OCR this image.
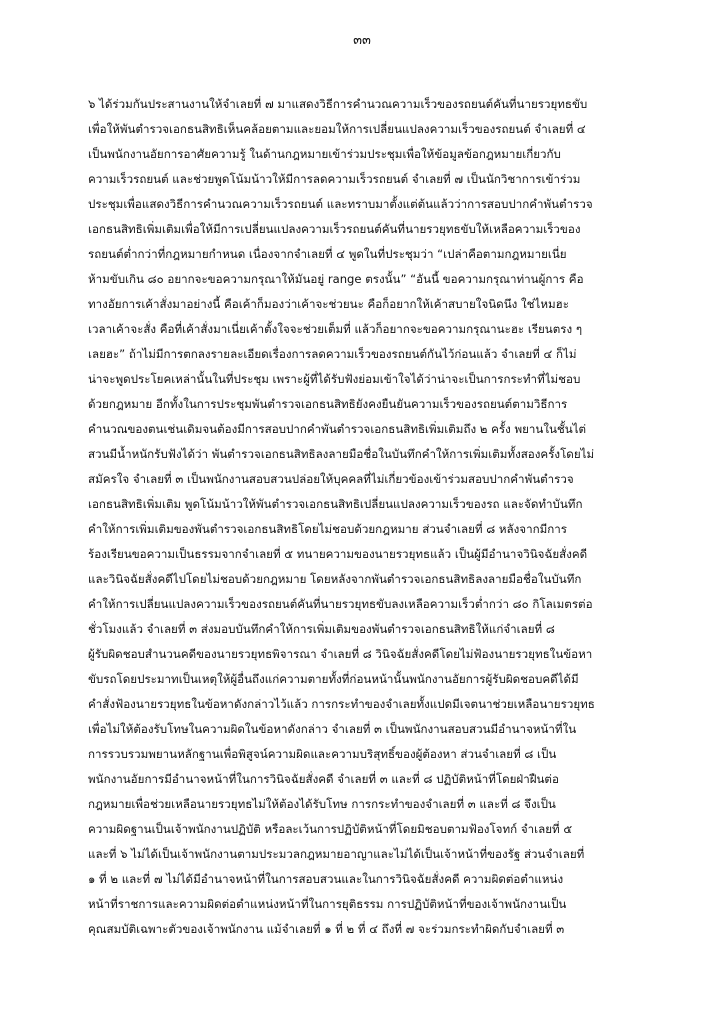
๓๓
๖ ได้ร่วมกันประสานงานให้จำเลยที่ ๗ มาแสดงวิธีการคำนวณความเร็วของรถยนต์คันที่นายรวยุทธขับ
เพื่อให้พันตำรวจเอกธนสิทธิเห็นคล้อยตามและยอมให้การเปลี่ยนแปลงความเร็วของรถยนต์ จำเลยที่ ๔
เป็นพนักงานอัยการอาศัยความรู้ ในด้านกฎหมายเข้าร่วมประชุมเพื่อให้ข้อมูลข้อกฎหมายเกี่ยวกับ
ความเร็วรถยนต์ และช่วยพูดโน้มน้าวให้มีการลดความเร็วรถยนต์ จำเลยที่ ๗ เป็นนักวิชาการเข้าร่วม
ประชุมเพื่อแสดงวิธีการคำนวณความเร็วรถยนต์ และทราบมาตั้งแต่ต้นแล้วว่าการสอบปากคำพันตำรวจ
เอกธนสิทธิเพิ่มเติมเพื่อให้มีการเปลี่ยนแปลงความเร็วรถยนต์คันที่นายรวยุทธขับให้เหลือความเร็วของ
รถยนต์ต่ำกว่าที่กฎหมายกำหนด เนื่องจากจำเลยที่ ๔ พูดในที่ประชุมว่า “เปล่าคือตามกฎหมายเนี่ย
ห้ามขับเกิน ๘๐ อยากจะขอความกรุณาให้มันอยู่ range ตรงนั้น” “อันนี้ ขอความกรุณาท่านผู้การ คือ
ทางอัยการเค้าสั่งมาอย่างนี้ คือเค้าก็มองว่าเค้าจะช่วยนะ คือก็อยากให้เค้าสบายใจนิดนึง ใช่ไหมฮะ
เวลาเค้าจะสั่ง คือที่เค้าสั่งมาเนี่ยเค้าตั้งใจจะช่วยเต็มที่ แล้วก็อยากจะขอความกรุณานะฮะ เรียนตรง ๆ
เลยฮะ” ถ้าไม่มีการตกลงรายละเอียดเรื่องการลดความเร็วของรถยนต์กันไว้ก่อนแล้ว จำเลยที่ ๔ ก็ไม่
น่าจะพูดประโยคเหล่านั้นในที่ประชุม เพราะผู้ที่ได้รับฟังย่อมเข้าใจได้ว่าน่าจะเป็นการกระทำที่ไม่ชอบ
ด้วยกฎหมาย อีกทั้งในการประชุมพันตำรวจเอกธนสิทธิยังคงยืนยันความเร็วของรถยนต์ตามวิธีการ
คำนวณของตนเช่นเดิมจนต้องมีการสอบปากคำพันตำรวจเอกธนสิทธิเพิ่มเติมถึง ๒ ครั้ง พยานในชั้นไต่
สวนมีน้ำหนักรับฟังได้ว่า พันตำรวจเอกธนสิทธิลงลายมือชื่อในบันทึกคำให้การเพิ่มเติมทั้งสองครั้งโดยไม่
สมัครใจ จำเลยที่ ๓ เป็นพนักงานสอบสวนปล่อยให้บุคคลที่ไม่เกี่ยวข้องเข้าร่วมสอบปากคำพันตำรวจ
เอกธนสิทธิเพิ่มเติม พูดโน้มน้าวให้พันตำรวจเอกธนสิทธิเปลี่ยนแปลงความเร็วของรถ และจัดทำบันทึก
คำให้การเพิ่มเติมของพันตำรวจเอกธนสิทธิโดยไม่ชอบด้วยกฎหมาย ส่วนจำเลยที่ ๘ หลังจากมีการ
ร้องเรียนขอความเป็นธรรมจากจำเลยที่ ๕ ทนายความของนายรวยุทธแล้ว เป็นผู้มีอำนาจวินิจฉัยสั่งคดี
และวินิจฉัยสั่งคดีไปโดยไม่ชอบด้วยกฎหมาย โดยหลังจากพันตำรวจเอกธนสิทธิลงลายมือชื่อในบันทึก
คำให้การเปลี่ยนแปลงความเร็วของรถยนต์คันที่นายรวยุทธขับลงเหลือความเร็วต่ำกว่า ๘๐ กิโลเมตรต่อ
ชั่วโมงแล้ว จำเลยที่ ๓ ส่งมอบบันทึกคำให้การเพิ่มเติมของพันตำรวจเอกธนสิทธิให้แก่จำเลยที่ ๘
ผู้รับผิดชอบสำนวนคดีของนายรวยุทธพิจารณา จำเลยที่ ๘ วินิจฉัยสั่งคดีโดยไม่ฟ้องนายรวยุทธในข้อหา
ขับรถโดยประมาทเป็นเหตุให้ผู้อื่นถึงแก่ความตายทั้งที่ก่อนหน้านั้นพนักงานอัยการผู้รับผิดชอบคดีได้มี
คำสั่งฟ้องนายรวยุทธในข้อหาดังกล่าวไว้แล้ว การกระทำของจำเลยทั้งแปดมีเจตนาช่วยเหลือนายรวยุทธ
เพื่อไม่ให้ต้องรับโทษในความผิดในข้อหาดังกล่าว จำเลยที่ ๓ เป็นพนักงานสอบสวนมีอำนาจหน้าที่ใน
การรวบรวมพยานหลักฐานเพื่อพิสูจน์ความผิดและความบริสุทธิ์ของผู้ต้องหา ส่วนจำเลยที่ ๘ เป็น
พนักงานอัยการมีอำนาจหน้าที่ในการวินิจฉัยสั่งคดี จำเลยที่ ๓ และที่ ๘ ปฏิบัติหน้าที่โดยฝ่าฝืนต่อ
กฎหมายเพื่อช่วยเหลือนายรวยุทธไม่ให้ต้องได้รับโทษ การกระทำของจำเลยที่ ๓ และที่ ๘ จึงเป็น
ความผิดฐานเป็นเจ้าพนักงานปฏิบัติ หรือละเว้นการปฏิบัติหน้าที่โดยมิชอบตามฟ้องโจทก์ จำเลยที่ ๕
และที่ ๖ ไม่ได้เป็นเจ้าพนักงานตามประมวลกฎหมายอาญาและไม่ได้เป็นเจ้าหน้าที่ของรัฐ ส่วนจำเลยที่
๑ ที่ ๒ และที่ ๗ ไม่ได้มีอำนาจหน้าที่ในการสอบสวนและในการวินิจฉัยสั่งคดี ความผิดต่อตำแหน่ง
หน้าที่ราชการและความผิดต่อตำแหน่งหน้าที่ในการยุติธรรม การปฏิบัติหน้าที่ของเจ้าพนักงานเป็น
คุณสมบัติเฉพาะตัวของเจ้าพนักงาน แม้จำเลยที่ ๑ ที่ ๒ ที่ ๔ ถึงที่ ๗ จะร่วมกระทำผิดกับจำเลยที่ ๓
